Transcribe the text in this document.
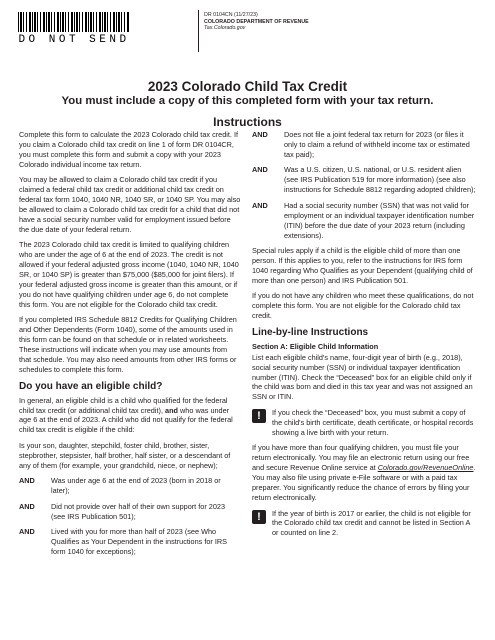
DO NOT SEND
DR 0104CN (11/27/23)
COLORADO DEPARTMENT OF REVENUE
Tax.Colorado.gov
2023 Colorado Child Tax Credit
You must include a copy of this completed form with your tax return.
Instructions

Complete this form to calculate the 2023 Colorado child tax credit. If you claim a Colorado child tax credit on line 1 of form DR 0104CR, you must complete this form and submit a copy with your 2023 Colorado individual income tax return.

You may be allowed to claim a Colorado child tax credit if you claimed a federal child tax credit or additional child tax credit on federal tax form 1040, 1040 NR, 1040 SR, or 1040 SP. You may also be allowed to claim a Colorado child tax credit for a child that did not have a social security number valid for employment issued before the due date of your federal return.

The 2023 Colorado child tax credit is limited to qualifying children who are under the age of 6 at the end of 2023. The credit is not allowed if your federal adjusted gross income (1040, 1040 NR, 1040 SR, or 1040 SP) is greater than $75,000 ($85,000 for joint filers). If your federal adjusted gross income is greater than this amount, or if you do not have qualifying children under age 6, do not complete this form. You are not eligible for the Colorado child tax credit.

If you completed IRS Schedule 8812 Credits for Qualifying Children and Other Dependents (Form 1040), some of the amounts used in this form can be found on that schedule or in related worksheets. These instructions will indicate when you may use amounts from that schedule. You may also need amounts from other IRS forms or schedules to complete this form.

Do you have an eligible child?

In general, an eligible child is a child who qualified for the federal child tax credit (or additional child tax credit), and who was under age 6 at the end of 2023. A child who did not qualify for the federal child tax credit is eligible if the child:

Is your son, daughter, stepchild, foster child, brother, sister, stepbrother, stepsister, half brother, half sister, or a descendant of any of them (for example, your grandchild, niece, or nephew);

AND	Was under age 6 at the end of 2023 (born in 2018 or later);
AND	Did not provide over half of their own support for 2023 (see IRS Publication 501);
AND	Lived with you for more than half of 2023 (see Who Qualifies as Your Dependent in the instructions for IRS form 1040 for exceptions);
AND	Does not file a joint federal tax return for 2023 (or files it only to claim a refund of withheld income tax or estimated tax paid);
AND	Was a U.S. citizen, U.S. national, or U.S. resident alien (see IRS Publication 519 for more information) (see also instructions for Schedule 8812 regarding adopted children);
AND	Had a social security number (SSN) that was not valid for employment or an individual taxpayer identification number (ITIN) before the due date of your 2023 return (including extensions).

Special rules apply if a child is the eligible child of more than one person. If this applies to you, refer to the instructions for IRS form 1040 regarding Who Qualifies as your Dependent (qualifying child of more than one person) and IRS Publication 501.

If you do not have any children who meet these qualifications, do not complete this form. You are not eligible for the Colorado child tax credit.

Line-by-line Instructions
Section A: Eligible Child Information

List each eligible child's name, four-digit year of birth (e.g., 2018), social security number (SSN) or individual taxpayer identification number (ITIN). Check the “Deceased” box for an eligible child only if the child was born and died in this tax year and was not assigned an SSN or ITIN.

!	If you check the “Deceased” box, you must submit a copy of the child's birth certificate, death certificate, or hospital records showing a live birth with your return.

If you have more than four qualifying children, you must file your return electronically. You may file an electronic return using our free and secure Revenue Online service at Colorado.gov/RevenueOnline. You may also file using private e-File software or with a paid tax preparer. You significantly reduce the chance of errors by filing your return electronically.

!	If the year of birth is 2017 or earlier, the child is not eligible for the Colorado child tax credit and cannot be listed in Section A or counted on line 2.
